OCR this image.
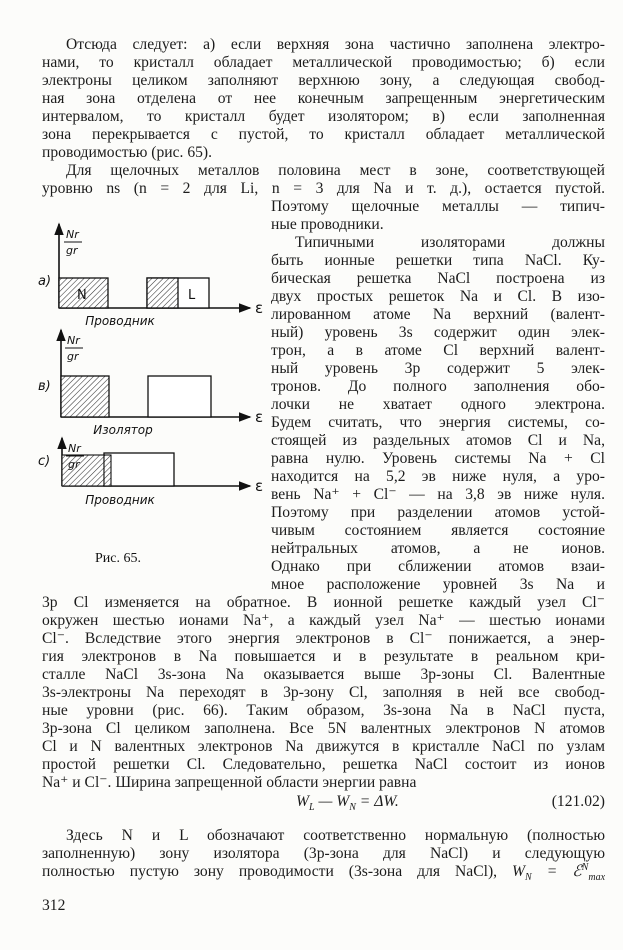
Отсюда следует: а) если верхняя зона частично заполнена электро-
нами, то кристалл обладает металлической проводимостью; б) если
электроны целиком заполняют верхнюю зону, а следующая свобод-
ная зона отделена от нее конечным запрещенным энергетическим
интервалом, то кристалл будет изолятором; в) если заполненная
зона перекрывается с пустой, то кристалл обладает металлической
проводимостью (рис. 65).
Для щелочных металлов половина мест в зоне, соответствующей
уровню ns (n = 2 для Li, n = 3 для Na и т. д.), остается пустой.
Поэтому щелочные металлы — типич-
ные проводники.
Типичными изоляторами должны
быть ионные решетки типа NaCl. Ку-
бическая решетка NaCl построена из
двух простых решеток Na и Cl. В изо-
лированном атоме Na верхний (валент-
ный) уровень 3s содержит один элек-
трон, а в атоме Cl верхний валент-
ный уровень 3p содержит 5 элек-
тронов. До полного заполнения обо-
лочки не хватает одного электрона.
Будем считать, что энергия системы, со-
стоящей из раздельных атомов Cl и Na,
равна нулю. Уровень системы Na + Cl
находится на 5,2 эв ниже нуля, а уро-
вень Na⁺ + Cl⁻ — на 3,8 эв ниже нуля.
Поэтому при разделении атомов устой-
чивым состоянием является состояние
нейтральных атомов, а не ионов.
Однако при сближении атомов взаи-
мное расположение уровней 3s Na и
3p Cl изменяется на обратное. В ионной решетке каждый узел Cl⁻
окружен шестью ионами Na⁺, а каждый узел Na⁺ — шестью ионами
Cl⁻. Вследствие этого энергия электронов в Cl⁻ понижается, а энер-
гия электронов в Na повышается и в результате в реальном кри-
сталле NaCl 3s-зона Na оказывается выше 3p-зоны Cl. Валентные
3s-электроны Na переходят в 3p-зону Cl, заполняя в ней все свобод-
ные уровни (рис. 66). Таким образом, 3s-зона Na в NaCl пуста,
3p-зона Cl целиком заполнена. Все 5N валентных электронов N атомов
Cl и N валентных электронов Na движутся в кристалле NaCl по узлам
простой решетки Cl. Следовательно, решетка NaCl состоит из ионов
Na⁺ и Cl⁻. Ширина запрещенной области энергии равна
$W_L$ — $W_N = \Delta W$.	(121.02)
Здесь N и L обозначают соответственно нормальную (полностью
заполненную) зону изолятора (3p-зона для NaCl) и следующую
полностью пустую зону проводимости (3s-зона для NaCl), $W_N$ = ℰ$^N_{max}$
312
N	L
Nr
gr
а)
ε
Проводник
Nr
gr
в)
ε
Изолятор
Nr
gr
с)
ε
Проводник
Рис. 65.
